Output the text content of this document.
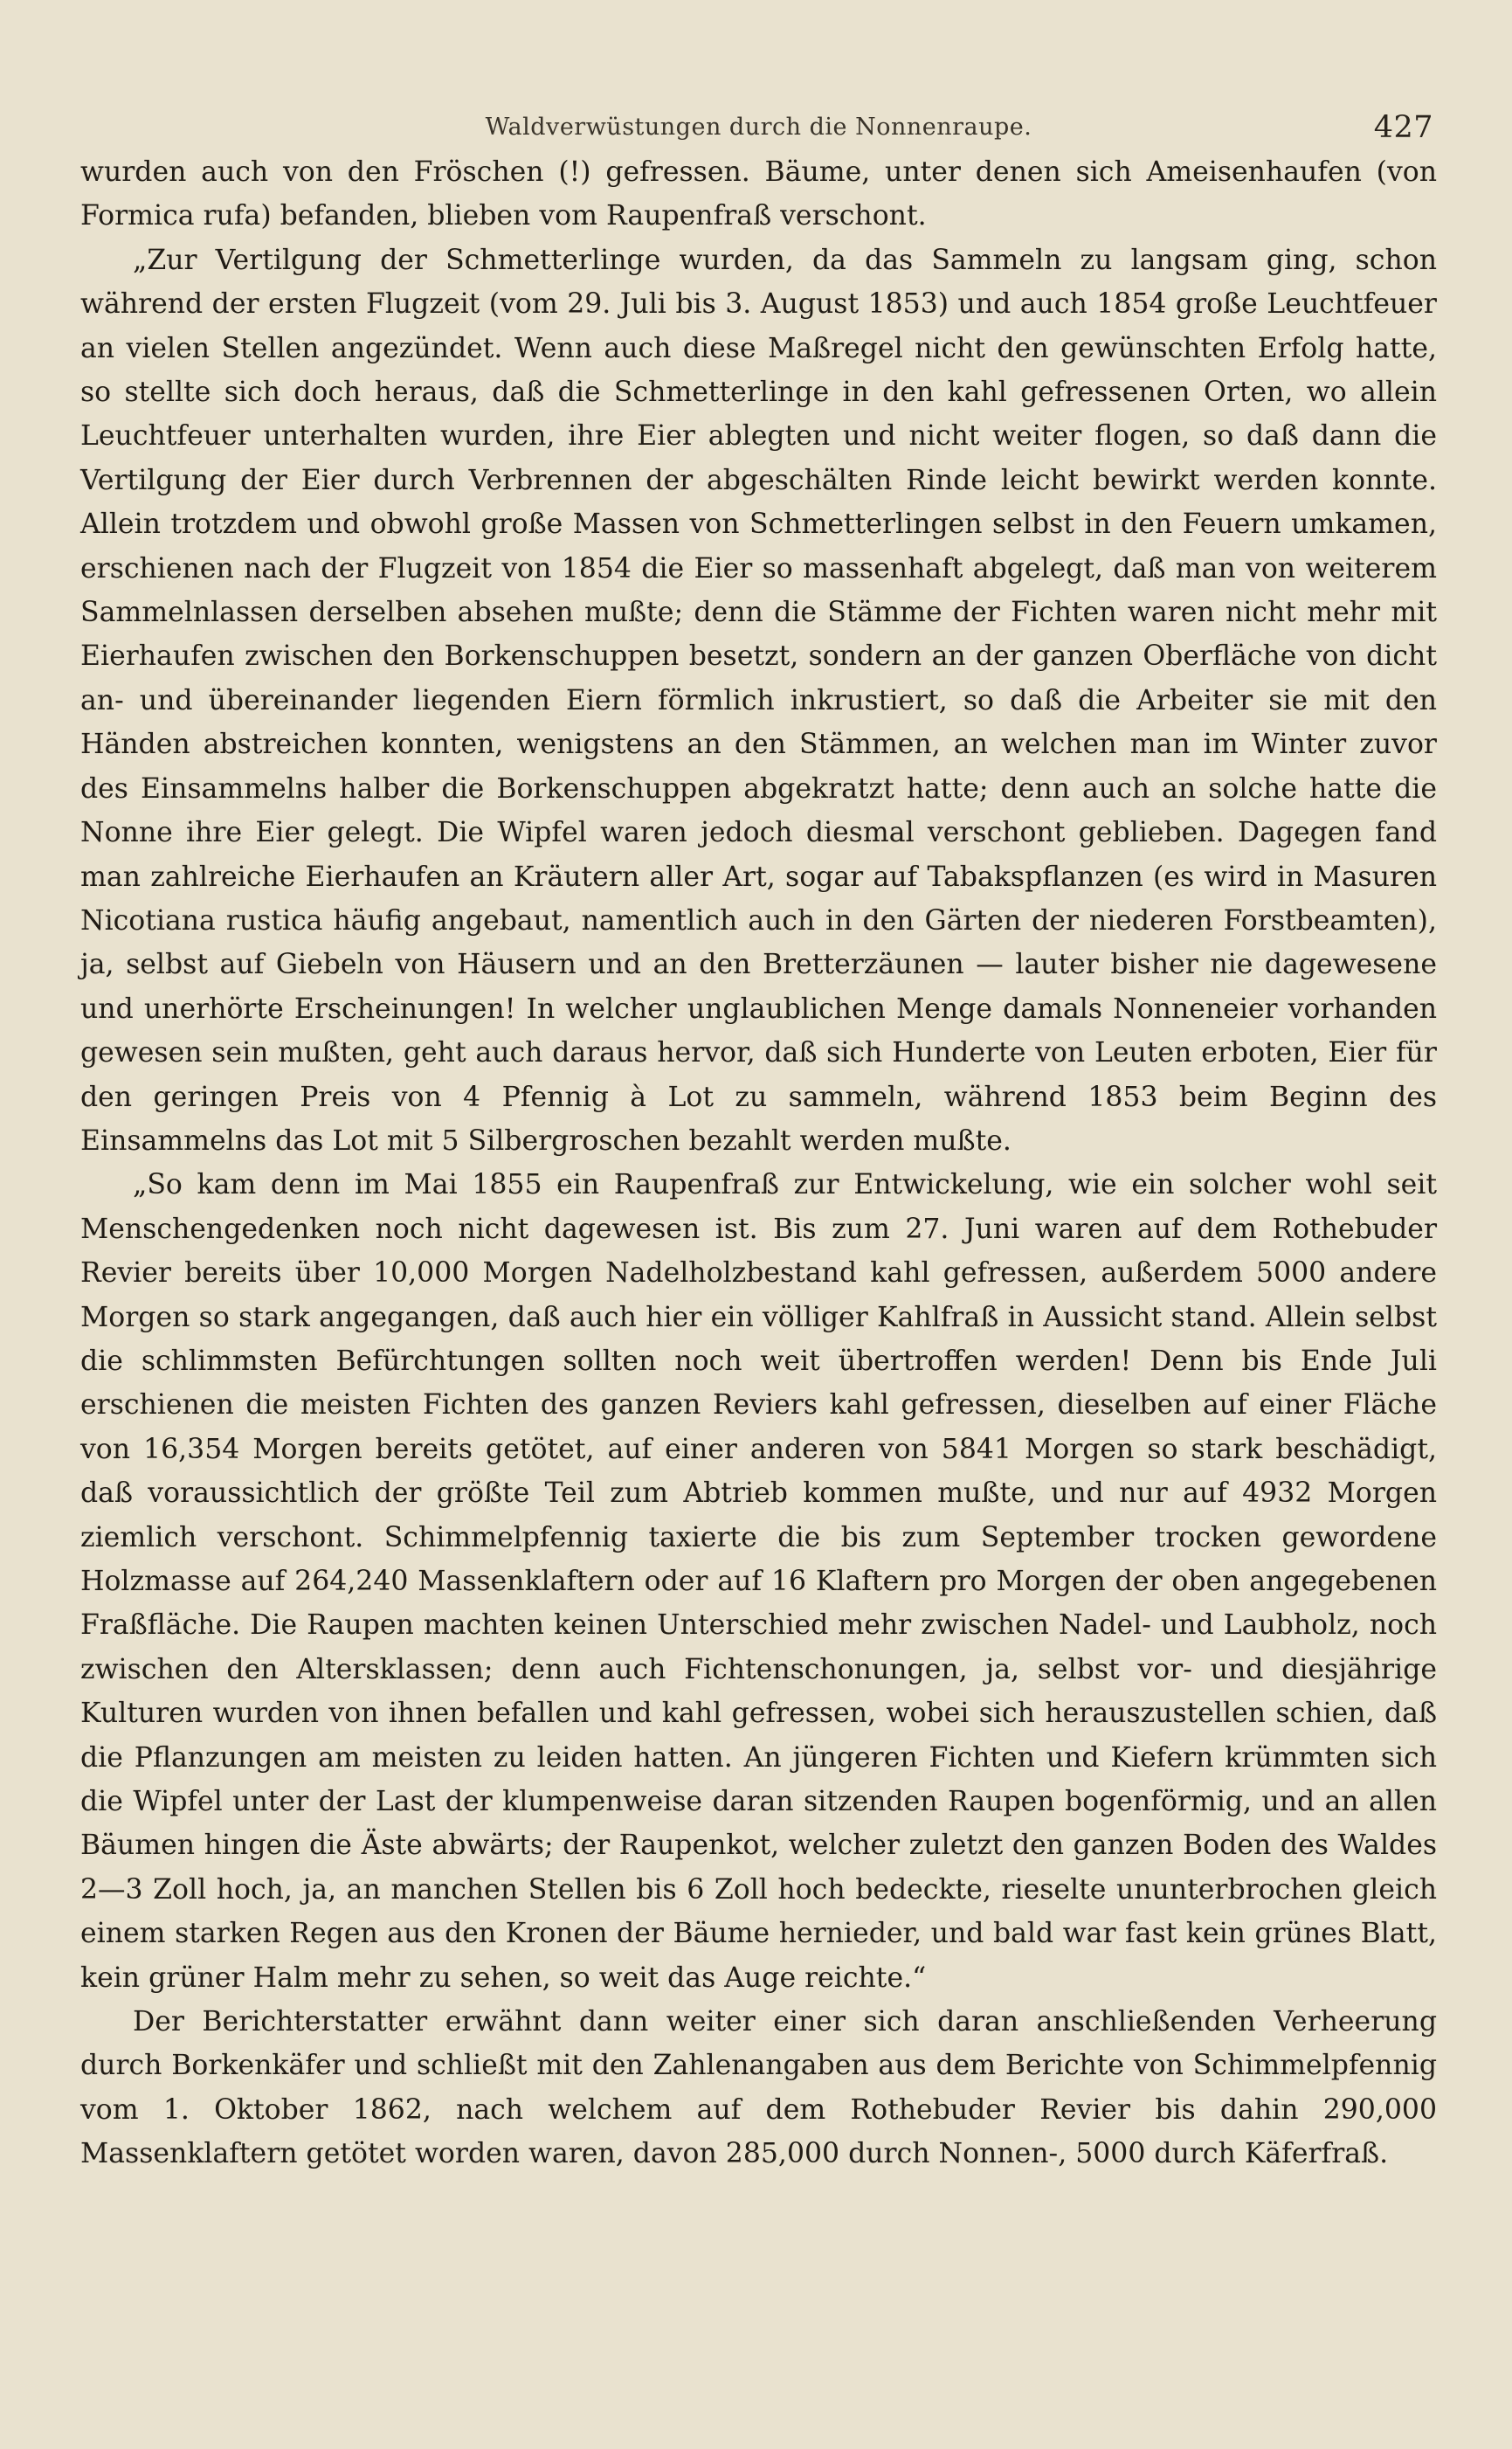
Waldverwüstungen durch die Nonnenraupe.	427

wurden auch von den Fröschen (!) gefressen. Bäume, unter denen sich Ameisenhaufen (von Formica rufa) befanden, blieben vom Raupenfraß verschont.

„Zur Vertilgung der Schmetterlinge wurden, da das Sammeln zu langsam ging, schon während der ersten Flugzeit (vom 29. Juli bis 3. August 1853) und auch 1854 große Leuchtfeuer an vielen Stellen angezündet. Wenn auch diese Maßregel nicht den gewünschten Erfolg hatte, so stellte sich doch heraus, daß die Schmetterlinge in den kahl gefressenen Orten, wo allein Leuchtfeuer unterhalten wurden, ihre Eier ablegten und nicht weiter flogen, so daß dann die Vertilgung der Eier durch Verbrennen der abgeschälten Rinde leicht bewirkt werden konnte. Allein trotzdem und obwohl große Massen von Schmetterlingen selbst in den Feuern umkamen, erschienen nach der Flugzeit von 1854 die Eier so massenhaft abgelegt, daß man von weiterem Sammelnlassen derselben absehen mußte; denn die Stämme der Fichten waren nicht mehr mit Eierhaufen zwischen den Borkenschuppen besetzt, sondern an der ganzen Oberfläche von dicht an- und übereinander liegenden Eiern förmlich inkrustiert, so daß die Arbeiter sie mit den Händen abstreichen konnten, wenigstens an den Stämmen, an welchen man im Winter zuvor des Einsammelns halber die Borkenschuppen abgekratzt hatte; denn auch an solche hatte die Nonne ihre Eier gelegt. Die Wipfel waren jedoch diesmal verschont geblieben. Dagegen fand man zahlreiche Eierhaufen an Kräutern aller Art, sogar auf Tabakspflanzen (es wird in Masuren Nicotiana rustica häufig angebaut, namentlich auch in den Gärten der niederen Forstbeamten), ja, selbst auf Giebeln von Häusern und an den Bretterzäunen — lauter bisher nie dagewesene und unerhörte Erscheinungen! In welcher unglaublichen Menge damals Nonneneier vorhanden gewesen sein mußten, geht auch daraus hervor, daß sich Hunderte von Leuten erboten, Eier für den geringen Preis von 4 Pfennig à Lot zu sammeln, während 1853 beim Beginn des Einsammelns das Lot mit 5 Silbergroschen bezahlt werden mußte.

„So kam denn im Mai 1855 ein Raupenfraß zur Entwickelung, wie ein solcher wohl seit Menschengedenken noch nicht dagewesen ist. Bis zum 27. Juni waren auf dem Rothebuder Revier bereits über 10,000 Morgen Nadelholzbestand kahl gefressen, außerdem 5000 andere Morgen so stark angegangen, daß auch hier ein völliger Kahlfraß in Aussicht stand. Allein selbst die schlimmsten Befürchtungen sollten noch weit übertroffen werden! Denn bis Ende Juli erschienen die meisten Fichten des ganzen Reviers kahl gefressen, dieselben auf einer Fläche von 16,354 Morgen bereits getötet, auf einer anderen von 5841 Morgen so stark beschädigt, daß voraussichtlich der größte Teil zum Abtrieb kommen mußte, und nur auf 4932 Morgen ziemlich verschont. Schimmelpfennig taxierte die bis zum September trocken gewordene Holzmasse auf 264,240 Massenklaftern oder auf 16 Klaftern pro Morgen der oben angegebenen Fraßfläche. Die Raupen machten keinen Unterschied mehr zwischen Nadel- und Laubholz, noch zwischen den Altersklassen; denn auch Fichtenschonungen, ja, selbst vor- und diesjährige Kulturen wurden von ihnen befallen und kahl gefressen, wobei sich herauszustellen schien, daß die Pflanzungen am meisten zu leiden hatten. An jüngeren Fichten und Kiefern krümmten sich die Wipfel unter der Last der klumpenweise daran sitzenden Raupen bogenförmig, und an allen Bäumen hingen die Äste abwärts; der Raupenkot, welcher zuletzt den ganzen Boden des Waldes 2—3 Zoll hoch, ja, an manchen Stellen bis 6 Zoll hoch bedeckte, rieselte ununterbrochen gleich einem starken Regen aus den Kronen der Bäume hernieder, und bald war fast kein grünes Blatt, kein grüner Halm mehr zu sehen, so weit das Auge reichte.“

Der Berichterstatter erwähnt dann weiter einer sich daran anschließenden Verheerung durch Borkenkäfer und schließt mit den Zahlenangaben aus dem Berichte von Schimmelpfennig vom 1. Oktober 1862, nach welchem auf dem Rothebuder Revier bis dahin 290,000 Massenklaftern getötet worden waren, davon 285,000 durch Nonnen-, 5000 durch Käferfraß.
